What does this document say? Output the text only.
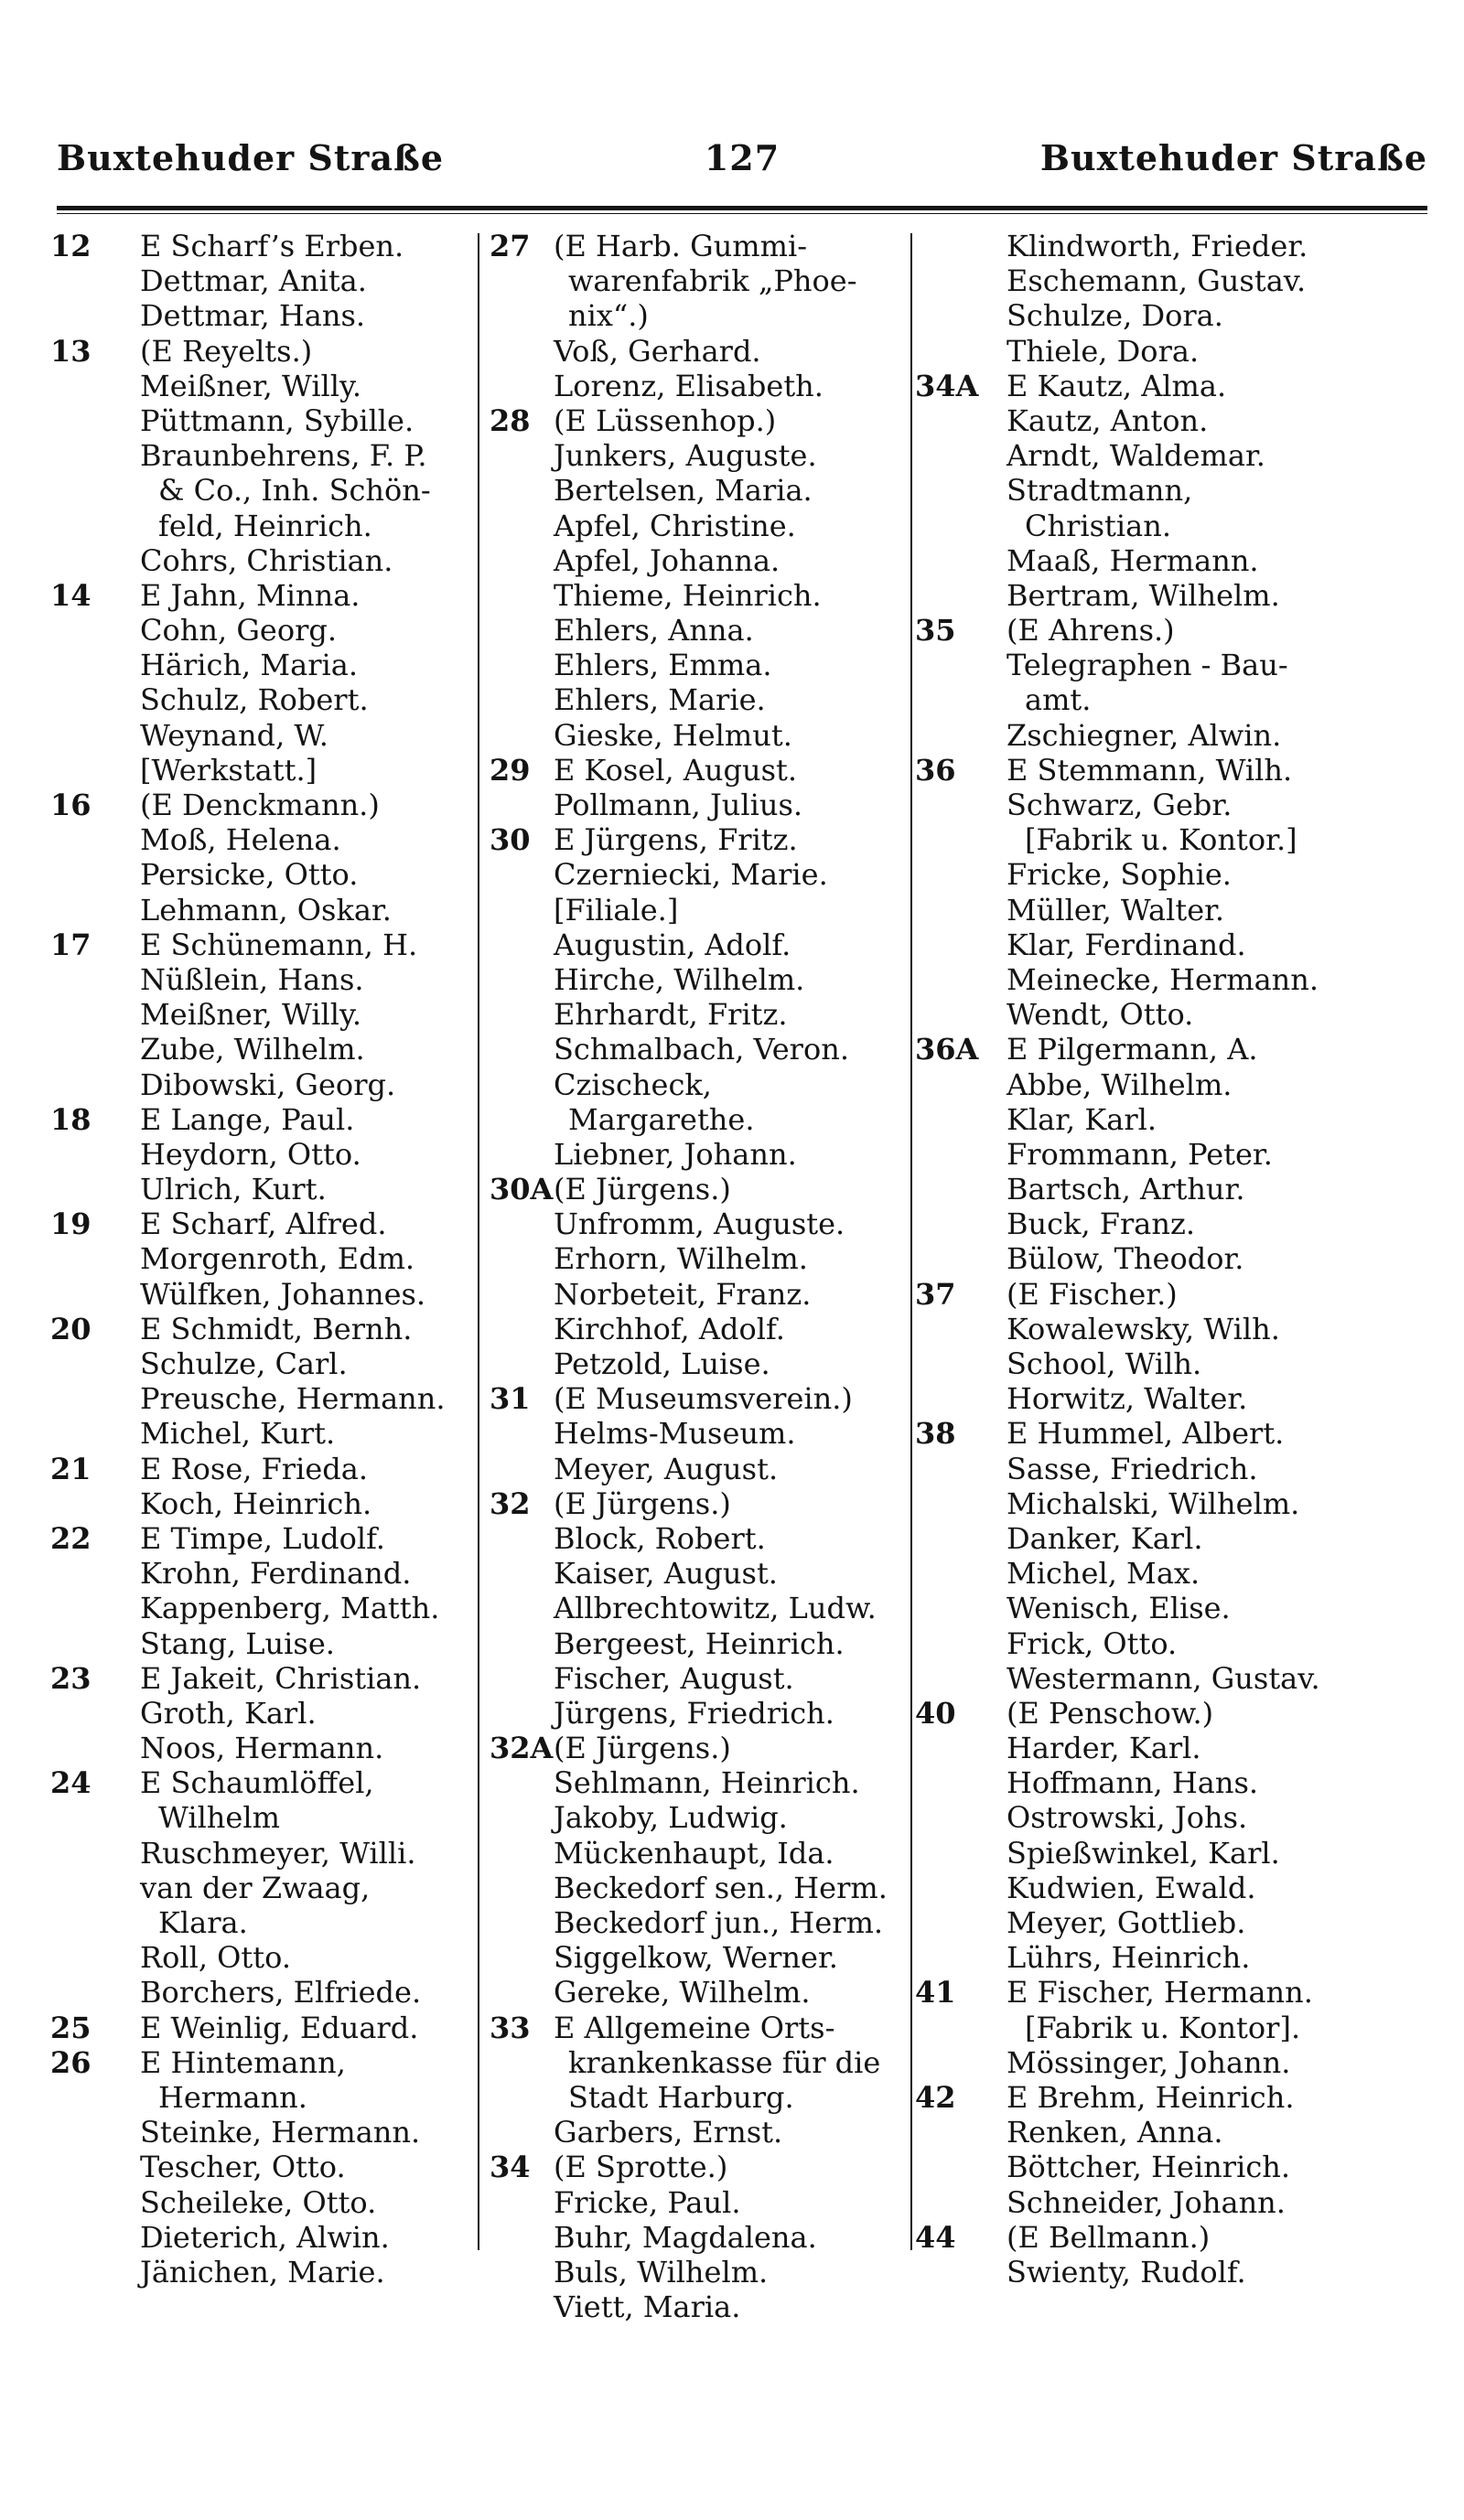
Buxtehuder Straße	127	Buxtehuder Straße
12	E Scharf’s Erben.
Dettmar, Anita.
Dettmar, Hans.
13	(E Reyelts.)
Meißner, Willy.
Püttmann, Sybille.
Braunbehrens, F. P.
& Co., Inh. Schön-
feld, Heinrich.
Cohrs, Christian.
14	E Jahn, Minna.
Cohn, Georg.
Härich, Maria.
Schulz, Robert.
Weynand, W.
[Werkstatt.]
16	(E Denckmann.)
Moß, Helena.
Persicke, Otto.
Lehmann, Oskar.
17	E Schünemann, H.
Nüßlein, Hans.
Meißner, Willy.
Zube, Wilhelm.
Dibowski, Georg.
18	E Lange, Paul.
Heydorn, Otto.
Ulrich, Kurt.
19	E Scharf, Alfred.
Morgenroth, Edm.
Wülfken, Johannes.
20	E Schmidt, Bernh.
Schulze, Carl.
Preusche, Hermann.
Michel, Kurt.
21	E Rose, Frieda.
Koch, Heinrich.
22	E Timpe, Ludolf.
Krohn, Ferdinand.
Kappenberg, Matth.
Stang, Luise.
23	E Jakeit, Christian.
Groth, Karl.
Noos, Hermann.
24	E Schaumlöffel,
Wilhelm
Ruschmeyer, Willi.
van der Zwaag,
Klara.
Roll, Otto.
Borchers, Elfriede.
25	E Weinlig, Eduard.
26	E Hintemann,
Hermann.
Steinke, Hermann.
Tescher, Otto.
Scheileke, Otto.
Dieterich, Alwin.
Jänichen, Marie.
27 (E Harb. Gummi-
warenfabrik „Phoe-
nix“.)
Voß, Gerhard.
Lorenz, Elisabeth.
28 (E Lüssenhop.)
Junkers, Auguste.
Bertelsen, Maria.
Apfel, Christine.
Apfel, Johanna.
Thieme, Heinrich.
Ehlers, Anna.
Ehlers, Emma.
Ehlers, Marie.
Gieske, Helmut.
29 E Kosel, August.
Pollmann, Julius.
30 E Jürgens, Fritz.
Czerniecki, Marie.
[Filiale.]
Augustin, Adolf.
Hirche, Wilhelm.
Ehrhardt, Fritz.
Schmalbach, Veron.
Czischeck,
Margarethe.
Liebner, Johann.
30A (E Jürgens.)
Unfromm, Auguste.
Erhorn, Wilhelm.
Norbeteit, Franz.
Kirchhof, Adolf.
Petzold, Luise.
31 (E Museumsverein.)
Helms-Museum.
Meyer, August.
32 (E Jürgens.)
Block, Robert.
Kaiser, August.
Allbrechtowitz, Ludw.
Bergeest, Heinrich.
Fischer, August.
Jürgens, Friedrich.
32A (E Jürgens.)
Sehlmann, Heinrich.
Jakoby, Ludwig.
Mückenhaupt, Ida.
Beckedorf sen., Herm.
Beckedorf jun., Herm.
Siggelkow, Werner.
Gereke, Wilhelm.
33 E Allgemeine Orts-
krankenkasse für die
Stadt Harburg.
Garbers, Ernst.
34 (E Sprotte.)
Fricke, Paul.
Buhr, Magdalena.
Buls, Wilhelm.
Viett, Maria.
Klindworth, Frieder.
Eschemann, Gustav.
Schulze, Dora.
Thiele, Dora.
34A E Kautz, Alma.
Kautz, Anton.
Arndt, Waldemar.
Stradtmann,
Christian.
Maaß, Hermann.
Bertram, Wilhelm.
35	(E Ahrens.)
Telegraphen - Bau-
amt.
Zschiegner, Alwin.
36	E Stemmann, Wilh.
Schwarz, Gebr.
[Fabrik u. Kontor.]
Fricke, Sophie.
Müller, Walter.
Klar, Ferdinand.
Meinecke, Hermann.
Wendt, Otto.
36A E Pilgermann, A.
Abbe, Wilhelm.
Klar, Karl.
Frommann, Peter.
Bartsch, Arthur.
Buck, Franz.
Bülow, Theodor.
37	(E Fischer.)
Kowalewsky, Wilh.
School, Wilh.
Horwitz, Walter.
38	E Hummel, Albert.
Sasse, Friedrich.
Michalski, Wilhelm.
Danker, Karl.
Michel, Max.
Wenisch, Elise.
Frick, Otto.
Westermann, Gustav.
40	(E Penschow.)
Harder, Karl.
Hoffmann, Hans.
Ostrowski, Johs.
Spießwinkel, Karl.
Kudwien, Ewald.
Meyer, Gottlieb.
Lührs, Heinrich.
41	E Fischer, Hermann.
[Fabrik u. Kontor].
Mössinger, Johann.
42	E Brehm, Heinrich.
Renken, Anna.
Böttcher, Heinrich.
Schneider, Johann.
44	(E Bellmann.)
Swienty, Rudolf.
